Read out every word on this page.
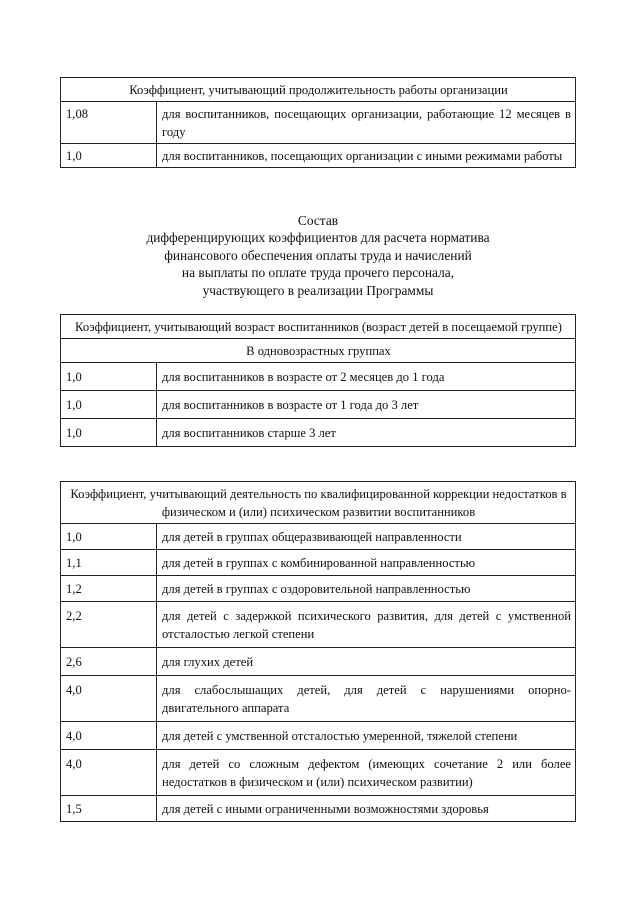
Коэффициент, учитывающий продолжительность работы организации	
1,08	для воспитанников, посещающих организации, работающие 12 месяцев в году
1,0	для воспитанников, посещающих организации с иными режимами работы
Состав
дифференцирующих коэффициентов для расчета норматива
финансового обеспечения оплаты труда и начислений
на выплаты по оплате труда прочего персонала,
участвующего в реализации Программы
Коэффициент, учитывающий возраст воспитанников (возраст детей в посещаемой группе)	
В одновозрастных группах	
1,0	для воспитанников в возрасте от 2 месяцев до 1 года
1,0	для воспитанников в возрасте от 1 года до 3 лет
1,0	для воспитанников старше 3 лет
Коэффициент, учитывающий деятельность по квалифицированной коррекции недостатков в физическом и (или) психическом развитии воспитанников	
1,0	для детей в группах общеразвивающей направленности
1,1	для детей в группах с комбинированной направленностью
1,2	для детей в группах с оздоровительной направленностью
2,2	для детей с задержкой психического развития, для детей с умственной отсталостью легкой степени
2,6	для глухих детей
4,0	для слабослышащих детей, для детей с нарушениями опорно-двигательного аппарата
4,0	для детей с умственной отсталостью умеренной, тяжелой степени
4,0	для детей со сложным дефектом (имеющих сочетание 2 или более недостатков в физическом и (или) психическом развитии)
1,5	для детей с иными ограниченными возможностями здоровья
